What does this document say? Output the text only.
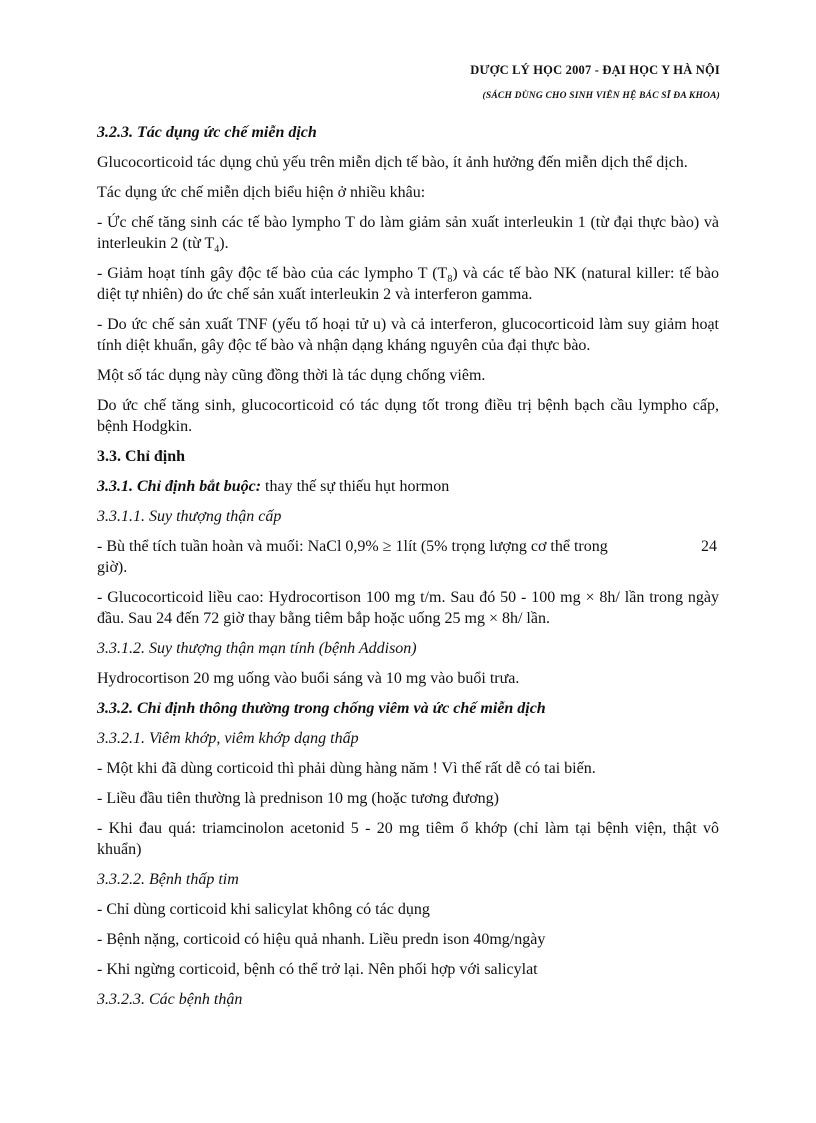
DƯỢC LÝ HỌC 2007 - ĐẠI HỌC Y HÀ NỘI
(SÁCH DÙNG CHO SINH VIÊN HỆ BÁC SĨ ĐA KHOA)

3.2.3. Tác dụng ức chế miễn dịch

Glucocorticoid tác dụng chủ yếu trên miễn dịch tế bào, ít ảnh hưởng đến miễn dịch thể dịch.

Tác dụng ức chế miễn dịch biểu hiện ở nhiều khâu:

- Ức chế tăng sinh các tế bào lympho T do làm giảm sản xuất interleukin 1 (từ đại thực bào) và interleukin 2 (từ $T_4$).

- Giảm hoạt tính gây độc tế bào của các lympho T $(T_8)$ và các tế bào NK (natural killer: tế bào diệt tự nhiên) do ức chế sản xuất interleukin 2 và interferon gamma.

- Do ức chế sản xuất TNF (yếu tố hoại tử u) và cả interferon, glucocorticoid làm suy giảm hoạt tính diệt khuẩn, gây độc tế bào và nhận dạng kháng nguyên của đại thực bào.

Một số tác dụng này cũng đồng thời là tác dụng chống viêm.

Do ức chế tăng sinh, glucocorticoid có tác dụng tốt trong điều trị bệnh bạch cầu lympho cấp, bệnh Hodgkin.

3.3. Chỉ định

3.3.1. Chỉ định bắt buộc: thay thế sự thiếu hụt hormon

3.3.1.1. Suy thượng thận cấp

- Bù thể tích tuần hoàn và muối: NaCl 0,9% ≥ 1lít (5% trọng lượng cơ thể trong	24
giờ).

- Glucocorticoid liều cao: Hydrocortison 100 mg t/m. Sau đó 50 - 100 mg × 8h/ lần trong ngày đầu. Sau 24 đến 72 giờ thay bằng tiêm bắp hoặc uống 25 mg × 8h/ lần.

3.3.1.2. Suy thượng thận mạn tính (bệnh Addison)

Hydrocortison 20 mg uống vào buổi sáng và 10 mg vào buổi trưa.

3.3.2. Chỉ định thông thường trong chống viêm và ức chế miễn dịch

3.3.2.1. Viêm khớp, viêm khớp dạng thấp

- Một khi đã dùng corticoid thì phải dùng hàng năm ! Vì thế rất dễ có tai biến.

- Liều đầu tiên thường là prednison 10 mg (hoặc tương đương)

- Khi đau quá: triamcinolon acetonid 5 - 20 mg tiêm ổ khớp (chỉ làm tại bệnh viện, thật vô khuẩn)

3.3.2.2. Bệnh thấp tim

- Chỉ dùng corticoid khi salicylat không có tác dụng

- Bệnh nặng, corticoid có hiệu quả nhanh. Liều predn ison 40mg/ngày

- Khi ngừng corticoid, bệnh có thể trở lại. Nên phối hợp với salicylat

3.3.2.3. Các bệnh thận
